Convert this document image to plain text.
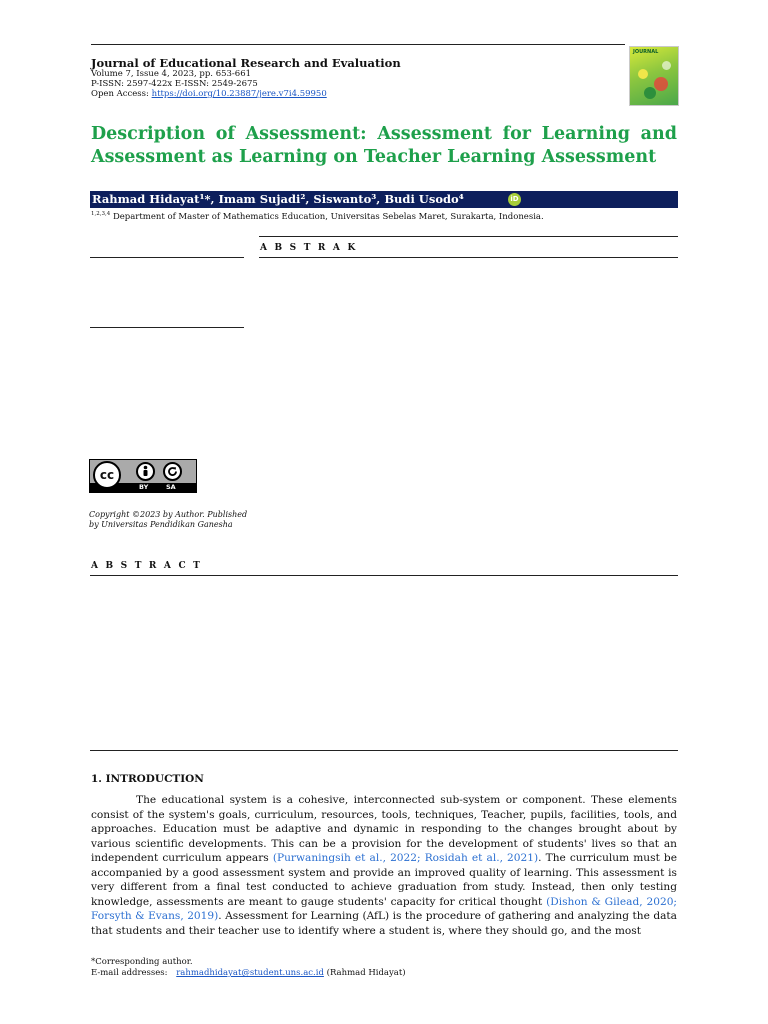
Journal of Educational Research and Evaluation
Volume 7, Issue 4, 2023, pp. 653-661
P-ISSN: 2597-422x E-ISSN: 2549-2675
Open Access: https://doi.org/10.23887/jere.v7i4.59950
JOURNAL
Description of Assessment: Assessment for Learning and
Assessment as Learning on Teacher Learning Assessment
Rahmad Hidayat¹*, Imam Sujadi², Siswanto³, Budi Usodo⁴	iD
$^{1,2,3,4}$ Department of Master of Mathematics Education, Universitas Sebelas Maret, Surakarta, Indonesia.
A B S T R A K
cc
BY	SA
Copyright ©2023 by Author. Published by Universitas Pendidikan Ganesha
A B S T R A C T
1. INTRODUCTION

The educational system is a cohesive, interconnected sub-system or component. These elements consist of the system's goals, curriculum, resources, tools, techniques, Teacher, pupils, facilities, tools, and approaches. Education must be adaptive and dynamic in responding to the changes brought about by various scientific developments. This can be a provision for the development of students' lives so that an independent curriculum appears (Purwaningsih et al., 2022; Rosidah et al., 2021). The curriculum must be accompanied by a good assessment system and provide an improved quality of learning. This assessment is very different from a final test conducted to achieve graduation from study. Instead, then only testing knowledge, assessments are meant to gauge students' capacity for critical thought (Dishon & Gilead, 2020; Forsyth & Evans, 2019). Assessment for Learning (AfL) is the procedure of gathering and analyzing the data that students and their teacher use to identify where a student is, where they should go, and the most

*Corresponding author.
E-mail addresses: rahmadhidayat@student.uns.ac.id (Rahmad Hidayat)
